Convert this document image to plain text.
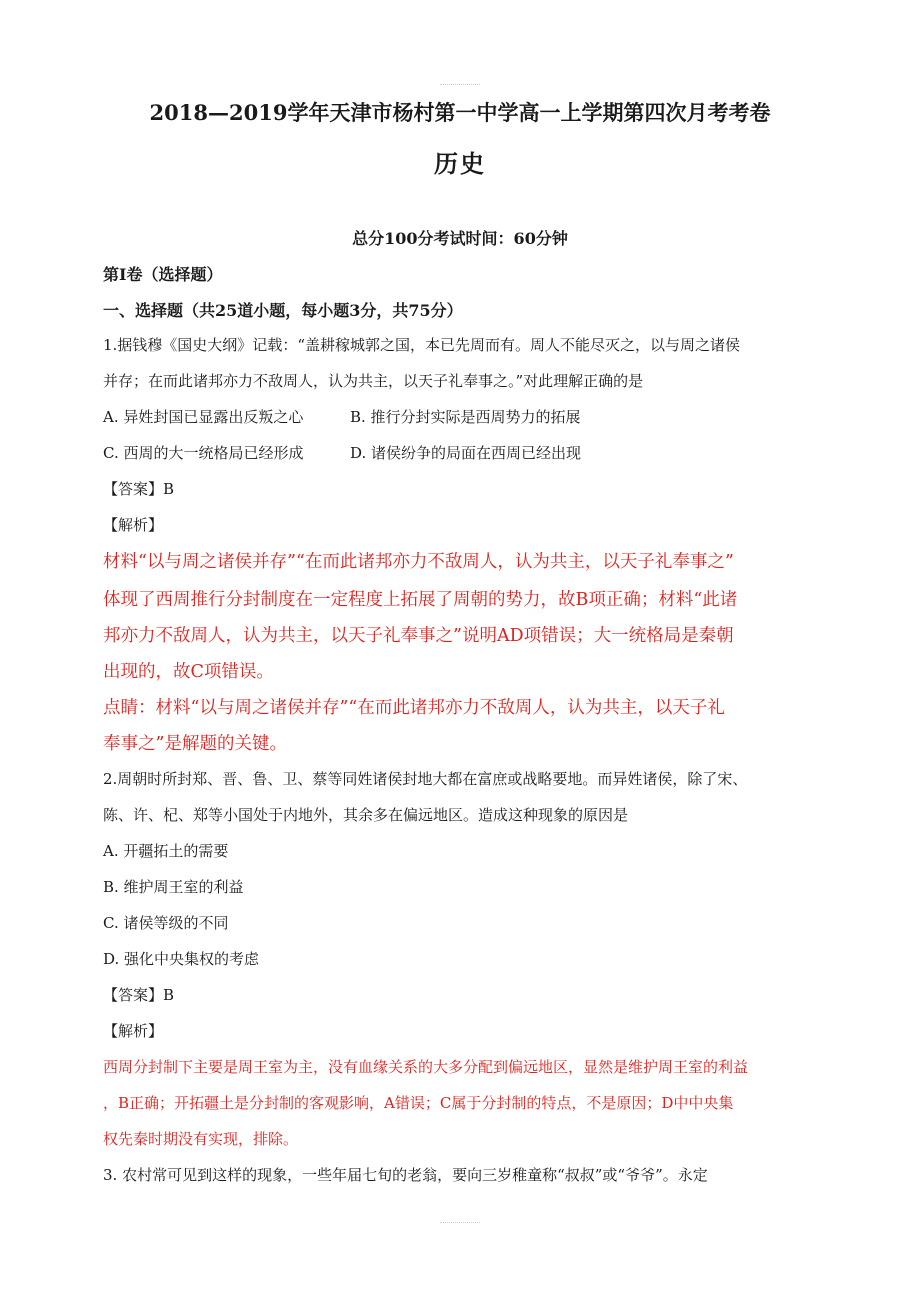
2018—2019学年天津市杨村第一中学高一上学期第四次月考考卷
历史
总分100分考试时间：60分钟
第Ⅰ卷（选择题）
一、选择题（共25道小题，每小题3分，共75分）
1.据钱穆《国史大纲》记载：“盖耕稼城郭之国，本已先周而有。周人不能尽灭之，以与周之诸侯
并存；在而此诸邦亦力不敌周人，认为共主，以天子礼奉事之。”对此理解正确的是
A. 异姓封国已显露出反叛之心	B. 推行分封实际是西周势力的拓展
C. 西周的大一统格局已经形成	D. 诸侯纷争的局面在西周已经出现
【答案】B
【解析】
材料“以与周之诸侯并存”“在而此诸邦亦力不敌周人，认为共主，以天子礼奉事之”
体现了西周推行分封制度在一定程度上拓展了周朝的势力，故B项正确；材料“此诸
邦亦力不敌周人，认为共主，以天子礼奉事之”说明AD项错误；大一统格局是秦朝
出现的，故C项错误。
点睛：材料“以与周之诸侯并存”“在而此诸邦亦力不敌周人，认为共主，以天子礼
奉事之”是解题的关键。
2.周朝时所封郑、晋、鲁、卫、蔡等同姓诸侯封地大都在富庶或战略要地。而异姓诸侯，除了宋、
陈、许、杞、郑等小国处于内地外，其余多在偏远地区。造成这种现象的原因是
A. 开疆拓土的需要
B. 维护周王室的利益
C. 诸侯等级的不同
D. 强化中央集权的考虑
【答案】B
【解析】
西周分封制下主要是周王室为主，没有血缘关系的大多分配到偏远地区，显然是维护周王室的利益
，B正确；开拓疆土是分封制的客观影响，A错误；C属于分封制的特点，不是原因；D中中央集
权先秦时期没有实现，排除。
3. 农村常可见到这样的现象，一些年届七旬的老翁，要向三岁稚童称“叔叔”或“爷爷”。永定
